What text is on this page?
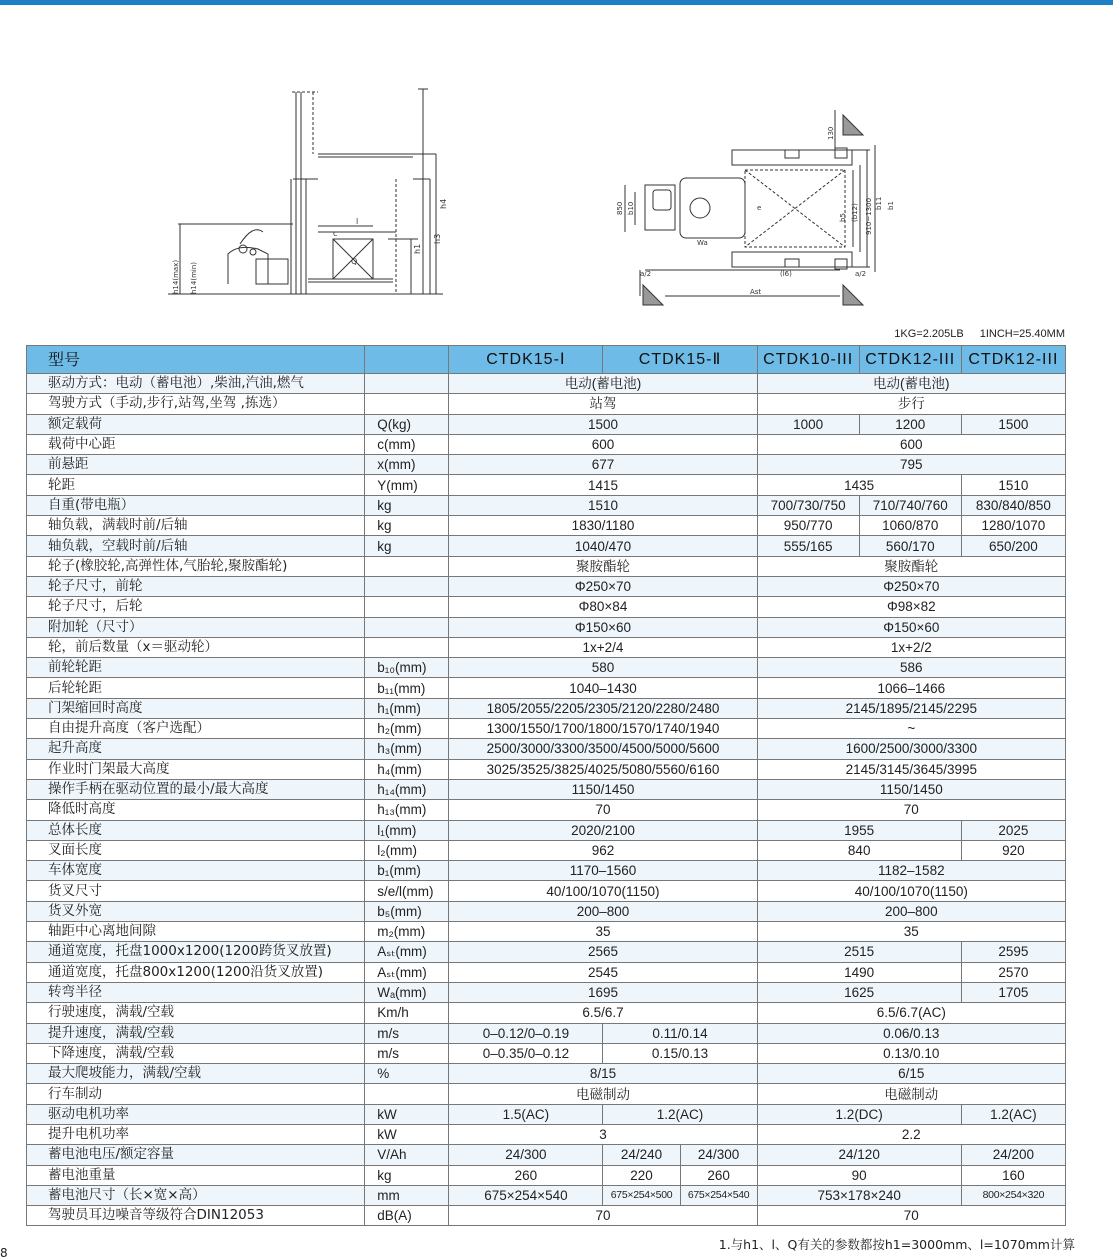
h4
h3
h1
l
c
Q
h14(max) h14(min)
130
b5 (b12) 910~1300 b11 b1
850 b10	e
Wa
a/2	(l6)	a/2
Ast
1KG=2.205LB 1INCH=25.40MM
型号		CTDK15-Ⅰ	CTDK15-Ⅱ		CTDK10-III	CTDK12-III	CTDK12-III
驱动方式：电动（蓄电池）,柴油,汽油,燃气		电动(蓄电池)			电动(蓄电池)		
驾驶方式（手动,步行,站驾,坐驾 ,拣选）		站驾			步行		
额定载荷	Q(kg)	1500			1000	1200	1500
载荷中心距	c(mm)	600			600		
前悬距	x(mm)	677			795		
轮距	Y(mm)	1415			1435		1510
自重(带电瓶）	kg	1510			700/730/750	710/740/760	830/840/850
轴负载，满载时前/后轴	kg	1830/1180			950/770	1060/870	1280/1070
轴负载，空载时前/后轴	kg	1040/470			555/165	560/170	650/200
轮子(橡胶轮,高弹性体,气胎轮,聚胺酯轮)		聚胺酯轮			聚胺酯轮		
轮子尺寸，前轮		Φ250×70			Φ250×70		
轮子尺寸，后轮		Φ80×84			Φ98×82		
附加轮（尺寸）		Φ150×60			Φ150×60		
轮，前后数量（x＝驱动轮）		1x+2/4			1x+2/2		
前轮轮距	b₁₀(mm)	580			586		
后轮轮距	b₁₁(mm)	1040–1430			1066–1466		
门架缩回时高度	h₁(mm)	1805/2055/2205/2305/2120/2280/2480			2145/1895/2145/2295		
自由提升高度（客户选配）	h₂(mm)	1300/1550/1700/1800/1570/1740/1940			~		
起升高度	h₃(mm)	2500/3000/3300/3500/4500/5000/5600			1600/2500/3000/3300		
作业时门架最大高度	h₄(mm)	3025/3525/3825/4025/5080/5560/6160			2145/3145/3645/3995		
操作手柄在驱动位置的最小/最大高度	h₁₄(mm)	1150/1450			1150/1450		
降低时高度	h₁₃(mm)	70			70		
总体长度	l₁(mm)	2020/2100			1955		2025
叉面长度	l₂(mm)	962			840		920
车体宽度	b₁(mm)	1170–1560			1182–1582		
货叉尺寸	s/e/l(mm)	40/100/1070(1150)			40/100/1070(1150)		
货叉外宽	b₅(mm)	200–800			200–800		
轴距中心离地间隙	m₂(mm)	35			35		
通道宽度，托盘1000x1200(1200跨货叉放置)	Aₛₜ(mm)	2565			2515		2595
通道宽度，托盘800x1200(1200沿货叉放置)	Aₛₜ(mm)	2545			1490		2570
转弯半径	Wₐ(mm)	1695			1625		1705
行驶速度，满载/空载	Km/h	6.5/6.7			6.5/6.7(AC)		
提升速度，满载/空载	m/s	0–0.12/0–0.19	0.11/0.14		0.06/0.13		
下降速度，满载/空载	m/s	0–0.35/0–0.12	0.15/0.13		0.13/0.10		
最大爬坡能力，满载/空载	%	8/15			6/15		
行车制动		电磁制动			电磁制动		
驱动电机功率	kW	1.5(AC)	1.2(AC)		1.2(DC)		1.2(AC)
提升电机功率	kW	3			2.2		
蓄电池电压/额定容量	V/Ah	24/300	24/240	24/300	24/120		24/200
蓄电池重量	kg	260	220	260	90		160
蓄电池尺寸（长×宽×高）	mm	675×254×540	675×254×500	675×254×540	753×178×240		800×254×320
驾驶员耳边噪音等级符合DIN12053	dB(A)	70			70		
1.与h1、l、Q有关的参数都按h1=3000mm、l=1070mm计算
8
